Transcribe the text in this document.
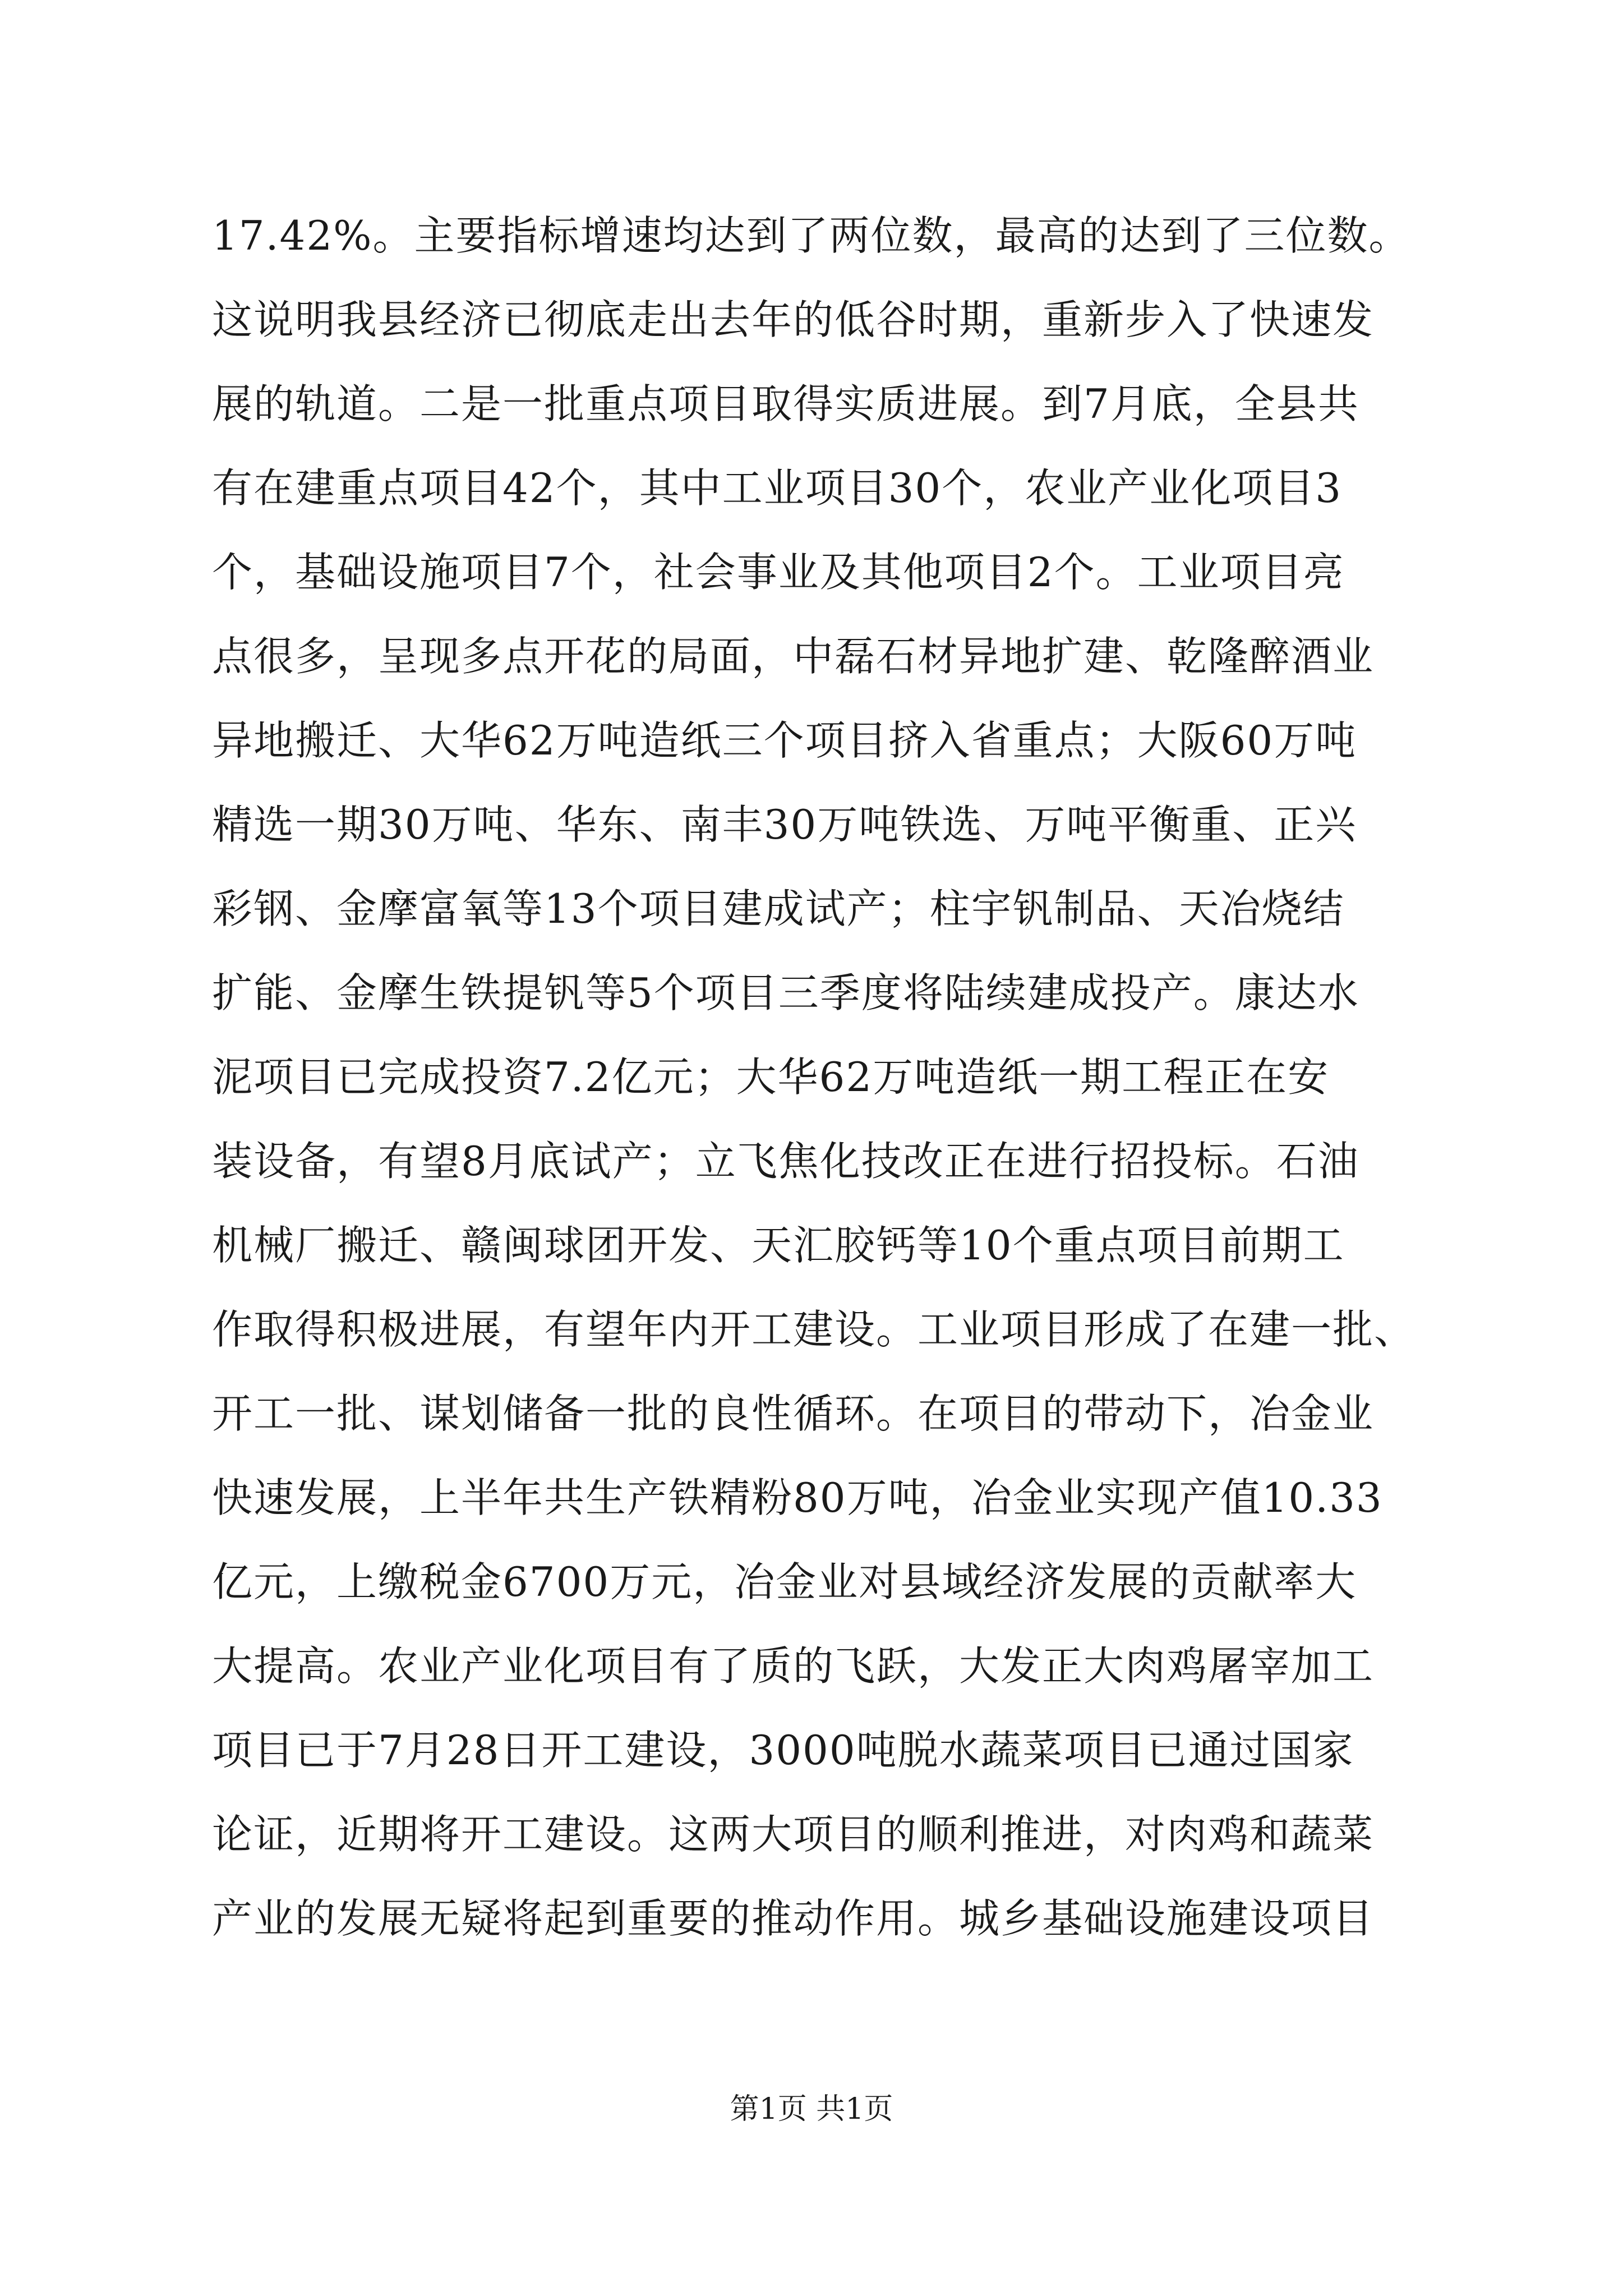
17.42%。主要指标增速均达到了两位数，最高的达到了三位数。
这说明我县经济已彻底走出去年的低谷时期，重新步入了快速发
展的轨道。二是一批重点项目取得实质进展。到7月底，全县共
有在建重点项目42个，其中工业项目30个，农业产业化项目3
个，基础设施项目7个，社会事业及其他项目2个。工业项目亮
点很多，呈现多点开花的局面，中磊石材异地扩建、乾隆醉酒业
异地搬迁、大华62万吨造纸三个项目挤入省重点；大阪60万吨
精选一期30万吨、华东、南丰30万吨铁选、万吨平衡重、正兴
彩钢、金摩富氧等13个项目建成试产；柱宇钒制品、天冶烧结
扩能、金摩生铁提钒等5个项目三季度将陆续建成投产。康达水
泥项目已完成投资7.2亿元；大华62万吨造纸一期工程正在安
装设备，有望8月底试产；立飞焦化技改正在进行招投标。石油
机械厂搬迁、赣闽球团开发、天汇胶钙等10个重点项目前期工
作取得积极进展，有望年内开工建设。工业项目形成了在建一批、
开工一批、谋划储备一批的良性循环。在项目的带动下，冶金业
快速发展，上半年共生产铁精粉80万吨，冶金业实现产值10.33
亿元，上缴税金6700万元，冶金业对县域经济发展的贡献率大
大提高。农业产业化项目有了质的飞跃，大发正大肉鸡屠宰加工
项目已于7月28日开工建设，3000吨脱水蔬菜项目已通过国家
论证，近期将开工建设。这两大项目的顺利推进，对肉鸡和蔬菜
产业的发展无疑将起到重要的推动作用。城乡基础设施建设项目
第1页 共1页
